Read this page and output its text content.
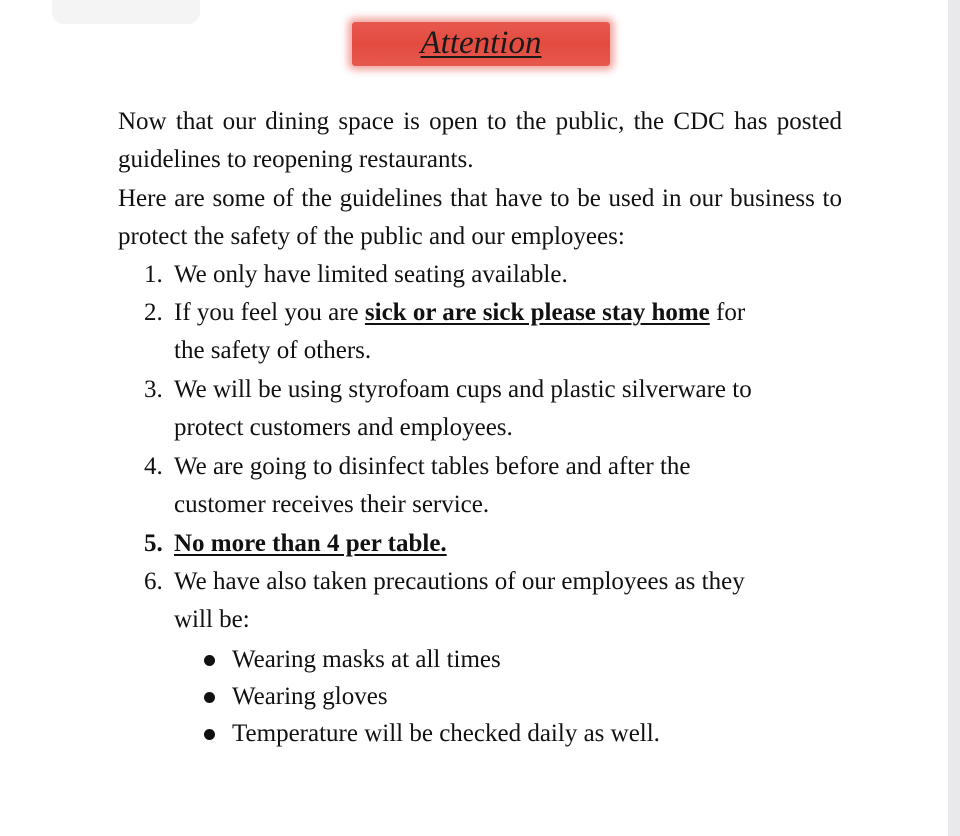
Attention

Now that our dining space is open to the public, the CDC has posted guidelines to reopening restaurants.

Here are some of the guidelines that have to be used in our business to protect the safety of the public and our employees:

1. We only have limited seating available.

2. If you feel you are sick or are sick please stay home for
the safety of others.

3. We will be using styrofoam cups and plastic silverware to
protect customers and employees.

4. We are going to disinfect tables before and after the
customer receives their service.

5. No more than 4 per table.

6. We have also taken precautions of our employees as they
will be:

Wearing masks at all times
Wearing gloves
Temperature will be checked daily as well.
